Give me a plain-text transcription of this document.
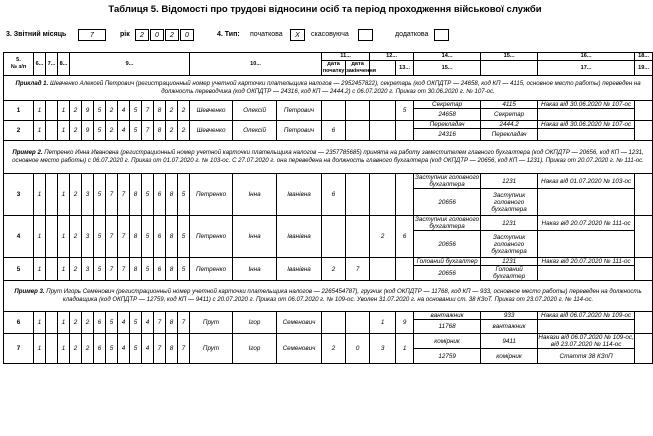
Таблиця 5. Відомості про трудові відносини осіб та період проходження військової служби
3. Звітний місяць	7	рік	2	0	2	0	4. Тип: початкова	X	скасовуюча	додаткова
5.
№ з/п	6...	7...	8...	9...										10...			11...		12...		14...	15...	16...	18...
																	дата початку	дата
закінчення		13...	15...		17...	19...
Приклад 1. Шевченко Алексей Петрович (регистрационный номер учетной карточки плательщика налогов — 2952457822), секретарь (код ОКПДТР — 24658, код КП — 4115, основное место работы) переведен на должность переводчика (код ОКПДТР — 24316, код КП — 2444.2) с 06.07.2020 г. Приказ от 30.06.2020 г. № 107-ос.																								
1	1		1	2	9	5	2	4	5	7	8	2	2	Шевченко	Олексій	Петрович				5	Секретар	4115	Наказ від 30.06.2020 № 107-ос	
																					24658	Секретар		
2	1		1	2	9	5	2	4	5	7	8	2	2	Шевченко	Олексій	Петрович	6				Перекладач	2444.2	Наказ від 30.06.2020 № 107-ос	
																					24316	Перекладач		
Пример 2. Петренко Инна Ивановна (регистрационный номер учетной карточки плательщика налогов — 2357785685) принята на работу заместителем главного бухгалтера (код ОКПДТР — 20656, код КП — 1231, основное место работы) с 06.07.2020 г. Приказ от 01.07.2020 г. № 103-ос. С 27.07.2020 г. она переведена на должность главного бухгалтера (код ОКПДТР — 20656, код КП — 1231). Приказ от 20.07.2020 г. № 111-ос.																								
3	1		1	2	3	5	7	7	8	5	6	8	5	Петренко	Інна	Іванівна	6				Заступник головного бухгалтера	1231	Наказ від 01.07.2020 № 103-ос	
																					20656	Заступник головного бухгалтера		
4	1		1	2	3	5	7	7	8	5	6	8	5	Петренко	Інна	Іванівна			2	6	Заступник головного бухгалтера	1231	Наказ від 20.07.2020 № 111-ос	
																					20656	Заступник головного бухгалтера		
5	1		1	2	3	5	7	7	8	5	6	8	5	Петренко	Інна	Іванівна	2	7			Головний бухгалтер	1231	Наказ від 20.07.2020 № 111-ос	
																					20656	Головний бухгалтер		
Пример 3. Прут Игорь Семенович (регистрационный номер учетной карточки плательщика налогов — 2265454787), грузчик (код ОКПДТР — 11768, код КП — 933, основное место работы) переведен на должность кладовщика (код ОКПДТР — 12759, код КП — 9411) с 20.07.2020 г. Приказ от 06.07.2020 г. № 109-ос. Уволен 31.07.2020 г. на основании ст. 38 КЗоТ. Приказ от 23.07.2020 г. № 114-ос.																								
6	1		1	2	2	6	5	4	5	4	7	8	7	Прут	Ігор	Семенович			1	9	вантажник	933	Наказ від 06.07.2020 № 109-ос	
																					11768	вантажник		
7	1		1	2	2	6	5	4	5	4	7	8	7	Прут	Ігор	Семенович	2	0	3	1	комірник	9411	Накази від 06.07.2020 № 109-ос, від 23.07.2020 № 114-ос	
																					12759	комірник	Стаття 38 КЗпП	
